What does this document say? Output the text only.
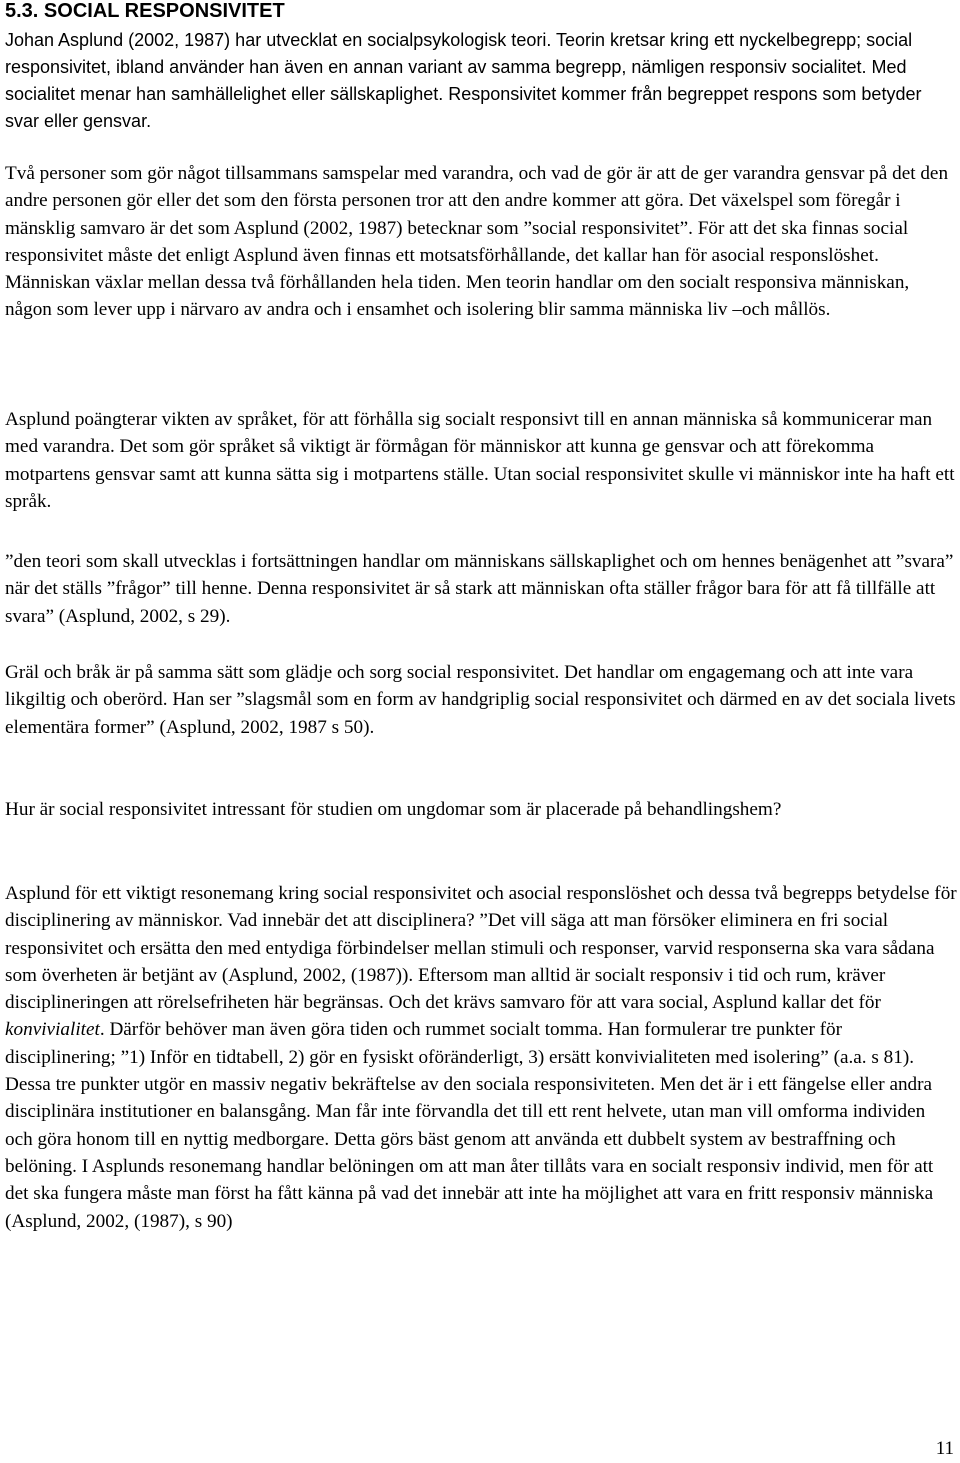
5.3. SOCIAL RESPONSIVITET

Johan Asplund (2002, 1987) har utvecklat en socialpsykologisk teori. Teorin kretsar kring ett nyckelbegrepp; social responsivitet, ibland använder han även en annan variant av samma begrepp, nämligen responsiv socialitet. Med socialitet menar han samhällelighet eller sällskaplighet. Responsivitet kommer från begreppet respons som betyder svar eller gensvar.

Två personer som gör något tillsammans samspelar med varandra, och vad de gör är att de ger varandra gensvar på det den andre personen gör eller det som den första personen tror att den andre kommer att göra. Det växelspel som föregår i mänsklig samvaro är det som Asplund (2002, 1987) betecknar som ”social responsivitet”. För att det ska finnas social responsivitet måste det enligt Asplund även finnas ett motsatsförhållande, det kallar han för asocial responslöshet. Människan växlar mellan dessa två förhållanden hela tiden. Men teorin handlar om den socialt responsiva människan, någon som lever upp i närvaro av andra och i ensamhet och isolering blir samma människa liv –och mållös.

Asplund poängterar vikten av språket, för att förhålla sig socialt responsivt till en annan människa så kommunicerar man med varandra. Det som gör språket så viktigt är förmågan för människor att kunna ge gensvar och att förekomma motpartens gensvar samt att kunna sätta sig i motpartens ställe. Utan social responsivitet skulle vi människor inte ha haft ett språk.

”den teori som skall utvecklas i fortsättningen handlar om människans sällskaplighet och om hennes benägenhet att ”svara” när det ställs ”frågor” till henne. Denna responsivitet är så stark att människan ofta ställer frågor bara för att få tillfälle att svara” (Asplund, 2002, s 29).

Gräl och bråk är på samma sätt som glädje och sorg social responsivitet. Det handlar om engagemang och att inte vara likgiltig och oberörd. Han ser ”slagsmål som en form av handgriplig social responsivitet och därmed en av det sociala livets elementära former” (Asplund, 2002, 1987 s 50).

Hur är social responsivitet intressant för studien om ungdomar som är placerade på behandlingshem?

Asplund för ett viktigt resonemang kring social responsivitet och asocial responslöshet och dessa två begrepps betydelse för disciplinering av människor. Vad innebär det att disciplinera? ”Det vill säga att man försöker eliminera en fri social responsivitet och ersätta den med entydiga förbindelser mellan stimuli och responser, varvid responserna ska vara sådana som överheten är betjänt av (Asplund, 2002, (1987)). Eftersom man alltid är socialt responsiv i tid och rum, kräver disciplineringen att rörelsefriheten här begränsas. Och det krävs samvaro för att vara social, Asplund kallar det för konvivialitet. Därför behöver man även göra tiden och rummet socialt tomma. Han formulerar tre punkter för disciplinering; ”1) Inför en tidtabell, 2) gör en fysiskt oföränderligt, 3) ersätt konvivialiteten med isolering” (a.a. s 81). Dessa tre punkter utgör en massiv negativ bekräftelse av den sociala responsiviteten. Men det är i ett fängelse eller andra disciplinära institutioner en balansgång. Man får inte förvandla det till ett rent helvete, utan man vill omforma individen och göra honom till en nyttig medborgare. Detta görs bäst genom att använda ett dubbelt system av bestraffning och belöning. I Asplunds resonemang handlar belöningen om att man åter tillåts vara en socialt responsiv individ, men för att det ska fungera måste man först ha fått känna på vad det innebär att inte ha möjlighet att vara en fritt responsiv människa (Asplund, 2002, (1987), s 90)

11
